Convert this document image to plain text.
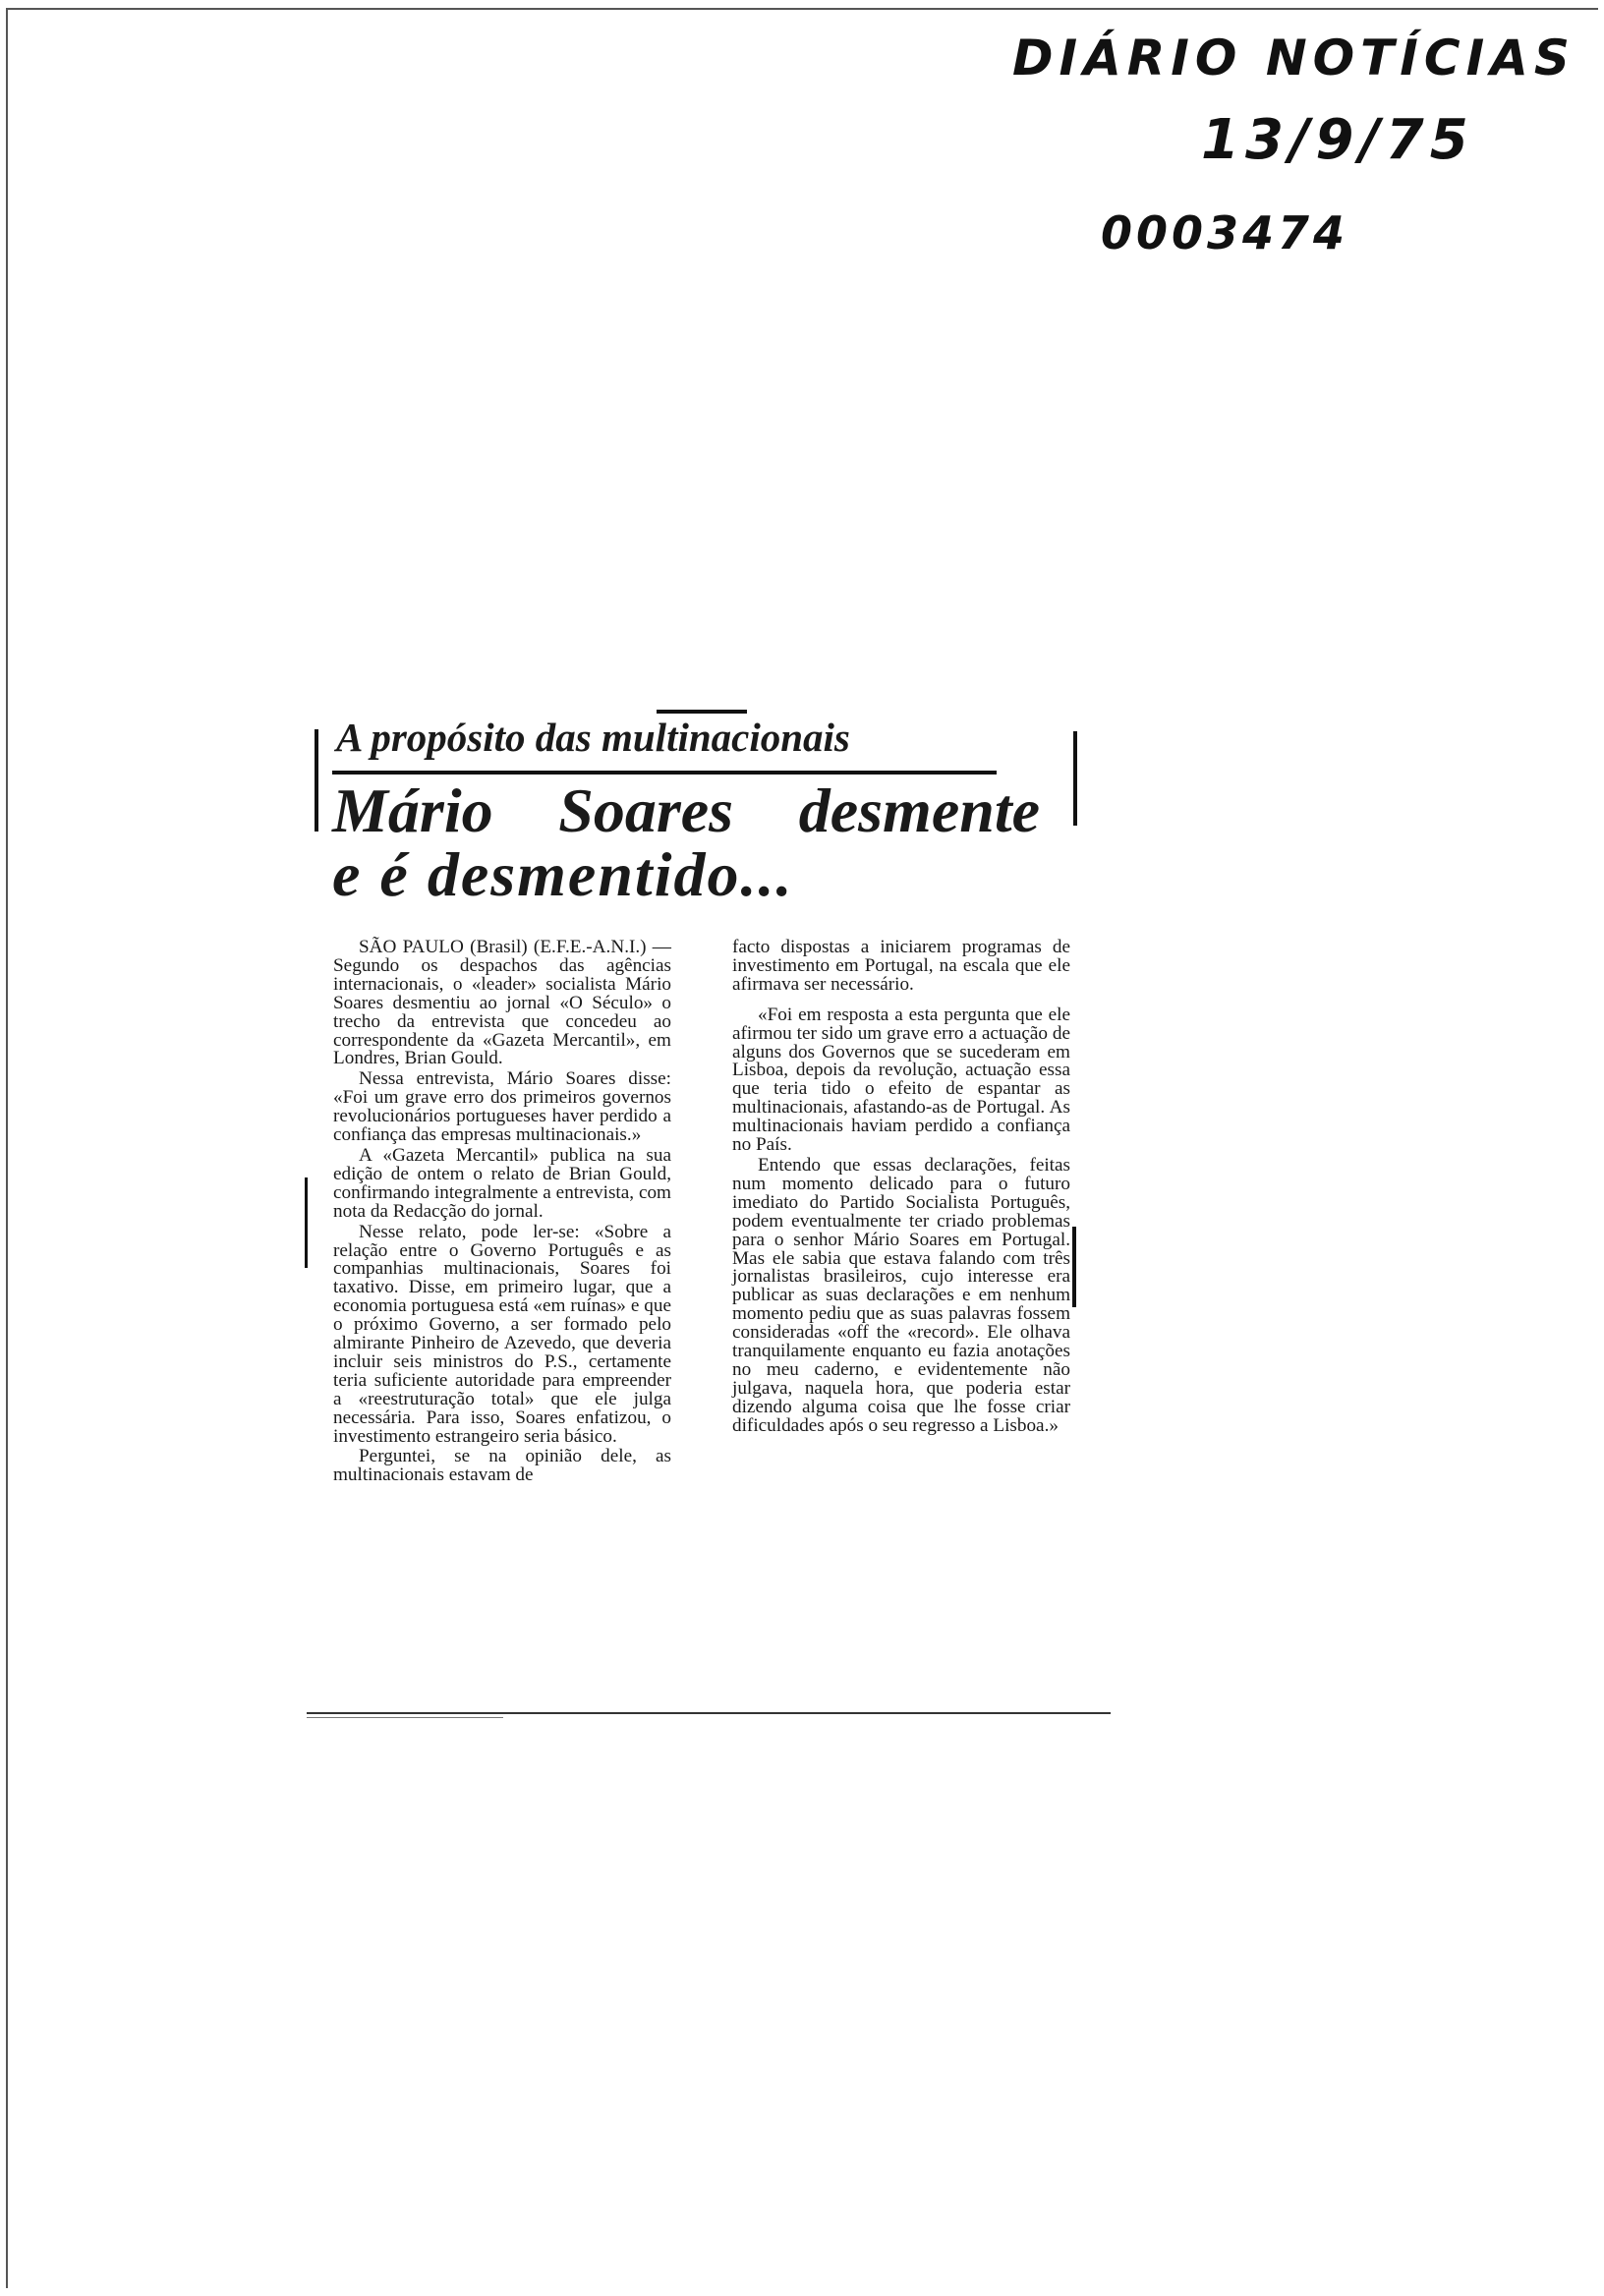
DIÁRIO NOTÍCIAS
13/9/75
0003474
A propósito das multinacionais
Mário Soares desmente
e é desmentido...

SÃO PAULO (Brasil) (E.F.E.-A.N.I.) — Segundo os despachos das agências internacionais, o «leader» socialista Mário Soares desmentiu ao jornal «O Século» o trecho da entrevista que concedeu ao correspondente da «Gazeta Mercantil», em Londres, Brian Gould.

Nessa entrevista, Mário Soares disse: «Foi um grave erro dos primeiros governos revolucionários portugueses haver perdido a confiança das empresas multinacionais.»

A «Gazeta Mercantil» publica na sua edição de ontem o relato de Brian Gould, confirmando integralmente a entrevista, com nota da Redacção do jornal.

Nesse relato, pode ler-se: «Sobre a relação entre o Governo Português e as companhias multinacionais, Soares foi taxativo. Disse, em primeiro lugar, que a economia portuguesa está «em ruínas» e que o próximo Governo, a ser formado pelo almirante Pinheiro de Azevedo, que deveria incluir seis ministros do P.S., certamente teria suficiente autoridade para empreender a «reestruturação total» que ele julga necessária. Para isso, Soares enfatizou, o investimento estrangeiro seria básico.

Perguntei, se na opinião dele, as multinacionais estavam de

facto dispostas a iniciarem programas de investimento em Portugal, na escala que ele afirmava ser necessário.

«Foi em resposta a esta pergunta que ele afirmou ter sido um grave erro a actuação de alguns dos Governos que se sucederam em Lisboa, depois da revolução, actuação essa que teria tido o efeito de espantar as multinacionais, afastando-as de Portugal. As multinacionais haviam perdido a confiança no País.

Entendo que essas declarações, feitas num momento delicado para o futuro imediato do Partido Socialista Português, podem eventualmente ter criado problemas para o senhor Mário Soares em Portugal. Mas ele sabia que estava falando com três jornalistas brasileiros, cujo interesse era publicar as suas declarações e em nenhum momento pediu que as suas palavras fossem consideradas «off the «record». Ele olhava tranquilamente enquanto eu fazia anotações no meu caderno, e evidentemente não julgava, naquela hora, que poderia estar dizendo alguma coisa que lhe fosse criar dificuldades após o seu regresso a Lisboa.»
